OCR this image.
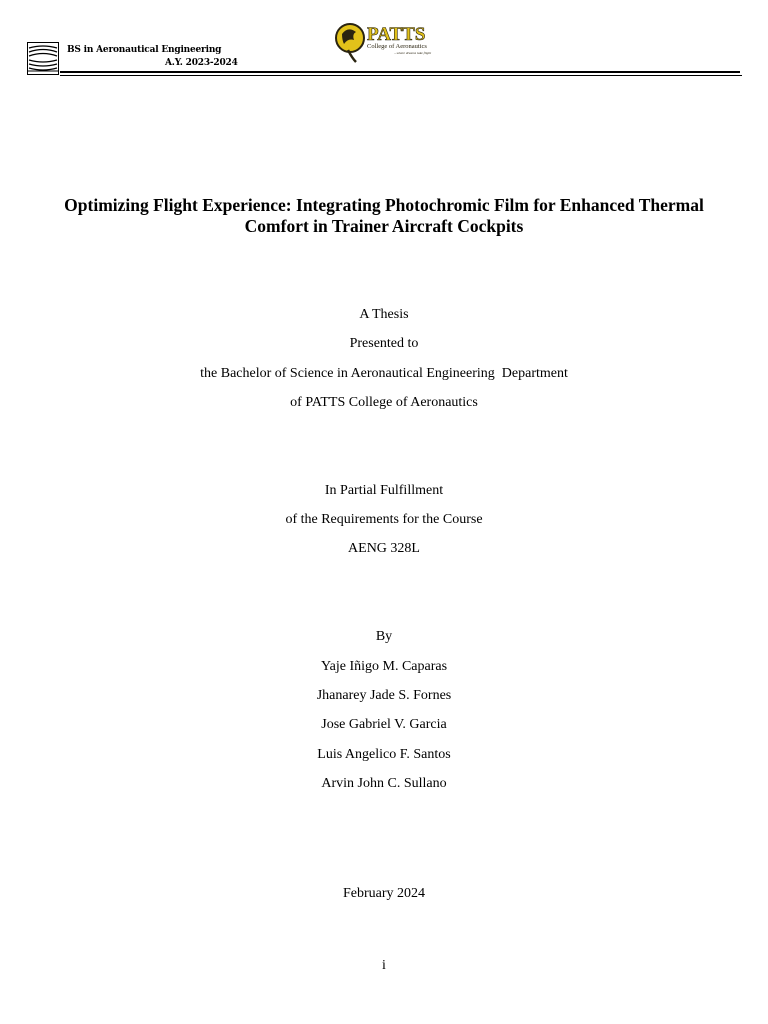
BS in Aeronautical Engineering
A.Y. 2023-2024
PATTS
College of Aeronautics
...where dreams take flight
Optimizing Flight Experience: Integrating Photochromic Film for Enhanced Thermal Comfort in Trainer Aircraft Cockpits
A Thesis
Presented to
the Bachelor of Science in Aeronautical Engineering  Department
of PATTS College of Aeronautics
In Partial Fulfillment
of the Requirements for the Course
AENG 328L
By
Yaje Iñigo M. Caparas
Jhanarey Jade S. Fornes
Jose Gabriel V. Garcia
Luis Angelico F. Santos
Arvin John C. Sullano
February 2024
i
